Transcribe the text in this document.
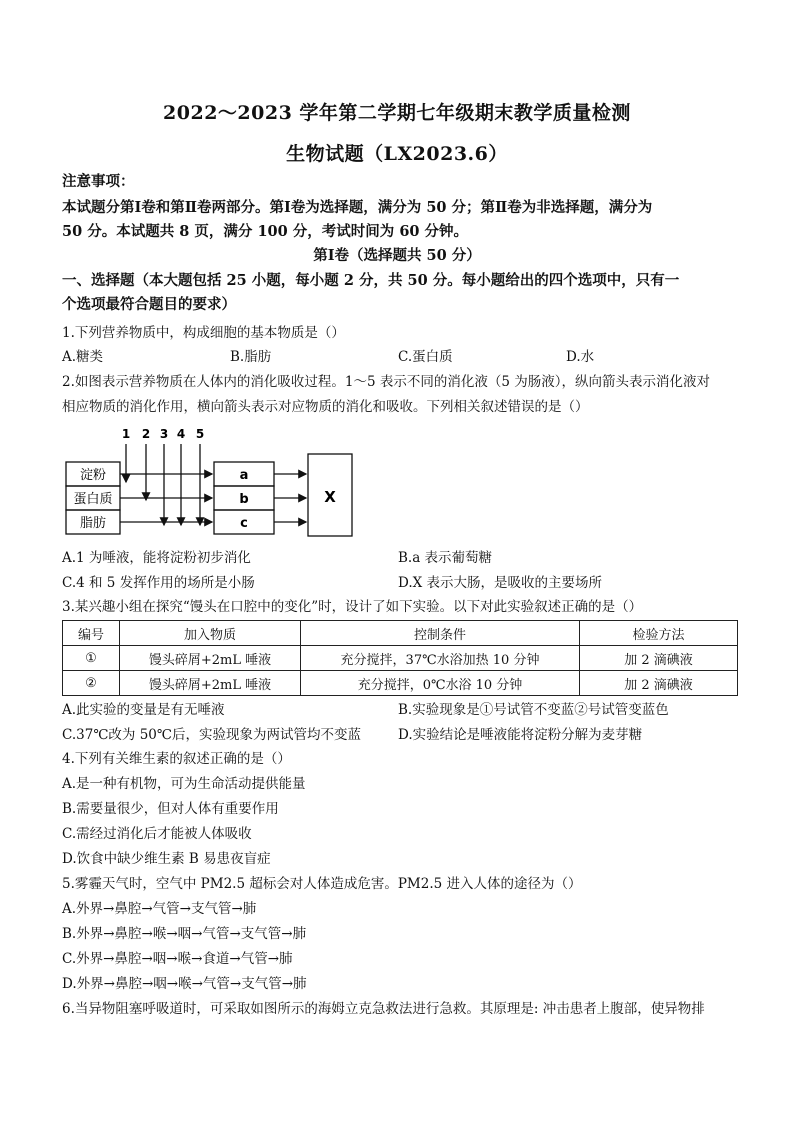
2022～2023 学年第二学期七年级期末教学质量检测
生物试题（LX2023.6）
注意事项：
本试题分第Ⅰ卷和第Ⅱ卷两部分。第Ⅰ卷为选择题，满分为 50 分；第Ⅱ卷为非选择题，满分为
50 分。本试题共 8 页，满分 100 分，考试时间为 60 分钟。
第Ⅰ卷（选择题共 50 分）
一、选择题（本大题包括 25 小题，每小题 2 分，共 50 分。每小题给出的四个选项中，只有一
个选项最符合题目的要求）
1.下列营养物质中，构成细胞的基本物质是（）
A.糖类	B.脂肪	C.蛋白质	D.水
2.如图表示营养物质在人体内的消化吸收过程。1～5 表示不同的消化液（5 为肠液），纵向箭头表示消化液对
相应物质的消化作用，横向箭头表示对应物质的消化和吸收。下列相关叙述错误的是（）
1 2 3 4 5
淀粉
蛋白质
脂肪
a
b
c
X
A.1 为唾液，能将淀粉初步消化	B.a 表示葡萄糖
C.4 和 5 发挥作用的场所是小肠	D.X 表示大肠，是吸收的主要场所
3.某兴趣小组在探究“馒头在口腔中的变化”时，设计了如下实验。以下对此实验叙述正确的是（）
编号	加入物质	控制条件	检验方法
①	馒头碎屑+2mL 唾液	充分搅拌，37℃水浴加热 10 分钟	加 2 滴碘液
②	馒头碎屑+2mL 唾液	充分搅拌，0℃水浴 10 分钟	加 2 滴碘液
A.此实验的变量是有无唾液	B.实验现象是①号试管不变蓝②号试管变蓝色
C.37℃改为 50℃后，实验现象为两试管均不变蓝	D.实验结论是唾液能将淀粉分解为麦芽糖
4.下列有关维生素的叙述正确的是（）
A.是一种有机物，可为生命活动提供能量
B.需要量很少，但对人体有重要作用
C.需经过消化后才能被人体吸收
D.饮食中缺少维生素 B 易患夜盲症
5.雾霾天气时，空气中 PM2.5 超标会对人体造成危害。PM2.5 进入人体的途径为（）
A.外界→鼻腔→气管→支气管→肺
B.外界→鼻腔→喉→咽→气管→支气管→肺
C.外界→鼻腔→咽→喉→食道→气管→肺
D.外界→鼻腔→咽→喉→气管→支气管→肺
6.当异物阻塞呼吸道时，可采取如图所示的海姆立克急救法进行急救。其原理是: 冲击患者上腹部，使异物排
